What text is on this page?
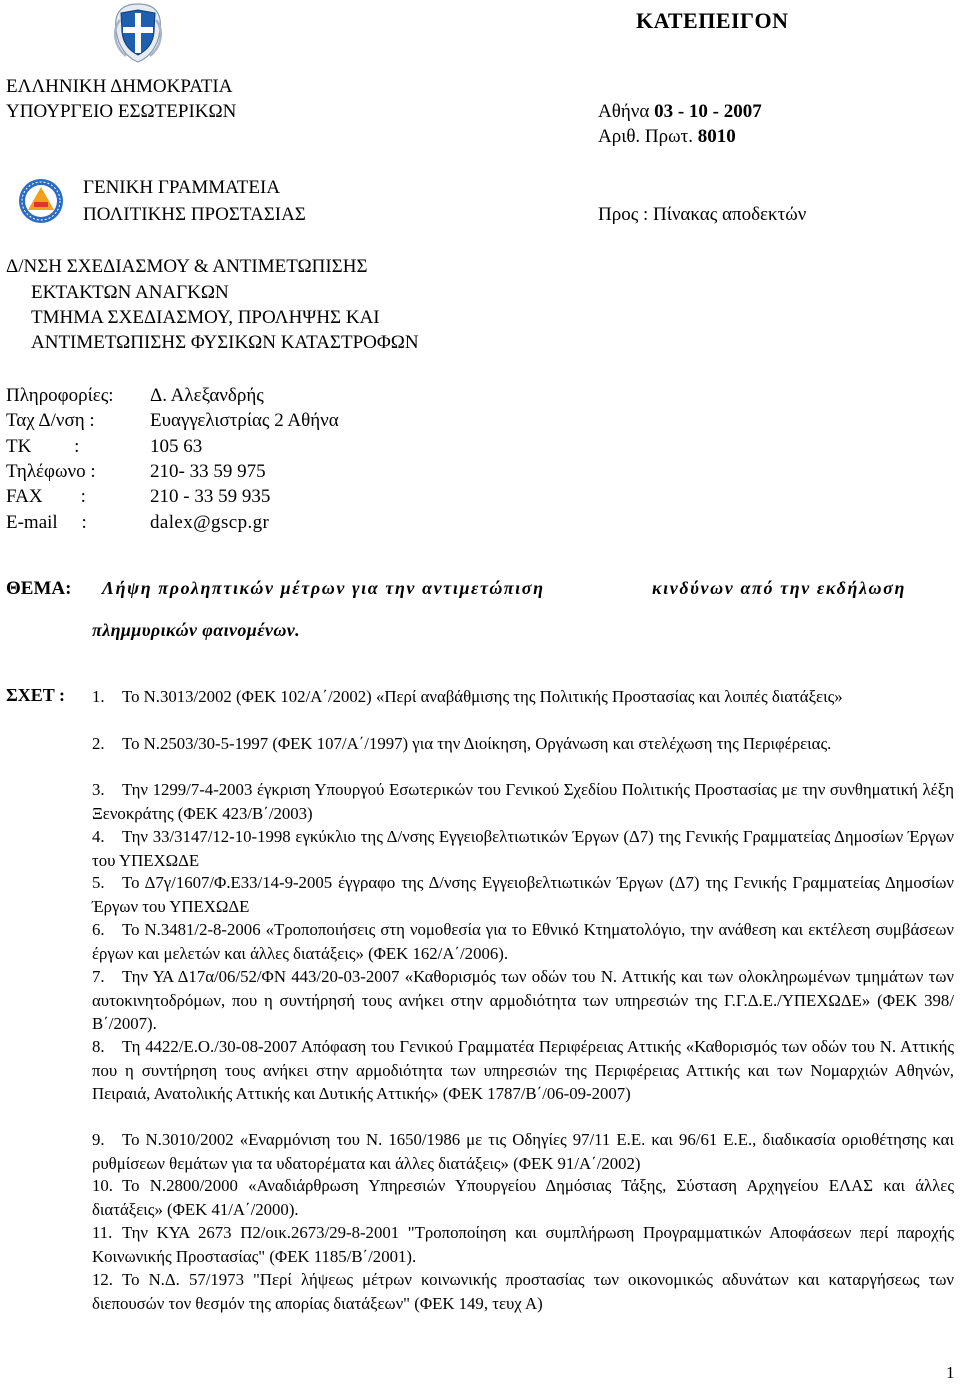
ΚΑΤΕΠΕΙΓΟΝ
ΕΛΛΗΝΙΚΗ ΔΗΜΟΚΡΑΤΙΑ
ΥΠΟΥΡΓΕΙΟ ΕΣΩΤΕΡΙΚΩΝ	Αθήνα 03 - 10 - 2007
Αριθ. Πρωτ. 8010
ΓΕΝΙΚΗ ΓΡΑΜΜΑΤΕΙΑ
ΠΟΛΙΤΙΚΗΣ ΠΡΟΣΤΑΣΙΑΣ	Προς : Πίνακας αποδεκτών
Δ/ΝΣΗ ΣΧΕΔΙΑΣΜΟΥ & ΑΝΤΙΜΕΤΩΠΙΣΗΣ
ΕΚΤΑΚΤΩΝ ΑΝΑΓΚΩΝ
ΤΜΗΜΑ ΣΧΕΔΙΑΣΜΟΥ, ΠΡΟΛΗΨΗΣ ΚΑΙ
ΑΝΤΙΜΕΤΩΠΙΣΗΣ ΦΥΣΙΚΩΝ ΚΑΤΑΣΤΡΟΦΩΝ
Πληροφορίες: Δ. Αλεξανδρής
Ταχ Δ/νση :	Ευαγγελιστρίας 2 Αθήνα
ΤΚ         :	105 63
Τηλέφωνο :	210- 33 59 975
FAX        :	210 - 33 59 935
E-mail     :	dalex@gscp.gr
ΘΕΜΑ: Λήψη προληπτικών μέτρων για την αντιμετώπιση	κινδύνων από την εκδήλωση
πλημμυρικών φαινομένων.
ΣΧΕΤ : 1. Το Ν.3013/2002 (ΦΕΚ 102/Α΄/2002) «Περί αναβάθμισης της Πολιτικής Προστασίας και λοιπές διατάξεις»
2. Το Ν.2503/30-5-1997 (ΦΕΚ 107/Α΄/1997) για την Διοίκηση, Οργάνωση και στελέχωση της Περιφέρειας.
3. Την 1299/7-4-2003 έγκριση Υπουργού Εσωτερικών του Γενικού Σχεδίου Πολιτικής Προστασίας με την συνθηματική λέξη Ξενοκράτης (ΦΕΚ 423/Β΄/2003)
4. Την 33/3147/12-10-1998 εγκύκλιο της Δ/νσης Εγγειοβελτιωτικών Έργων (Δ7) της Γενικής Γραμματείας Δημοσίων Έργων του ΥΠΕΧΩΔΕ
5. Το Δ7γ/1607/Φ.Ε33/14-9-2005 έγγραφο της Δ/νσης Εγγειοβελτιωτικών Έργων (Δ7) της Γενικής Γραμματείας Δημοσίων Έργων του ΥΠΕΧΩΔΕ
6. Το Ν.3481/2-8-2006 «Τροποποιήσεις στη νομοθεσία για το Εθνικό Κτηματολόγιο, την ανάθεση και εκτέλεση συμβάσεων έργων και μελετών και άλλες διατάξεις» (ΦΕΚ 162/Α΄/2006).
7. Την ΥΑ Δ17α/06/52/ΦΝ 443/20-03-2007 «Καθορισμός των οδών του Ν. Αττικής και των ολοκληρωμένων τμημάτων των αυτοκινητοδρόμων, που η συντήρησή τους ανήκει στην αρμοδιότητα των υπηρεσιών της Γ.Γ.Δ.Ε./ΥΠΕΧΩΔΕ» (ΦΕΚ 398/Β΄/2007).
8. Τη 4422/Ε.Ο./30-08-2007 Απόφαση του Γενικού Γραμματέα Περιφέρειας Αττικής «Καθορισμός των οδών του Ν. Αττικής που η συντήρηση τους ανήκει στην αρμοδιότητα των υπηρεσιών της Περιφέρειας Αττικής και των Νομαρχιών Αθηνών, Πειραιά, Ανατολικής Αττικής και Δυτικής Αττικής» (ΦΕΚ 1787/Β΄/06-09-2007)
9. Το Ν.3010/2002 «Εναρμόνιση του Ν. 1650/1986 με τις Οδηγίες 97/11 Ε.Ε. και 96/61 Ε.Ε., διαδικασία οριοθέτησης και ρυθμίσεων θεμάτων για τα υδατορέματα και άλλες διατάξεις» (ΦΕΚ 91/Α΄/2002)
10. Το Ν.2800/2000 «Αναδιάρθρωση Υπηρεσιών Υπουργείου Δημόσιας Τάξης, Σύσταση Αρχηγείου ΕΛΑΣ και άλλες διατάξεις» (ΦΕΚ 41/Α΄/2000).
11. Την ΚΥΑ 2673 Π2/οικ.2673/29-8-2001 "Τροποποίηση και συμπλήρωση Προγραμματικών Αποφάσεων περί παροχής Κοινωνικής Προστασίας" (ΦΕΚ 1185/Β΄/2001).
12. Το Ν.Δ. 57/1973 "Περί λήψεως μέτρων κοινωνικής προστασίας των οικονομικώς αδυνάτων και καταργήσεως των διεπουσών τον θεσμόν της απορίας διατάξεων" (ΦΕΚ 149, τευχ Α)
1
